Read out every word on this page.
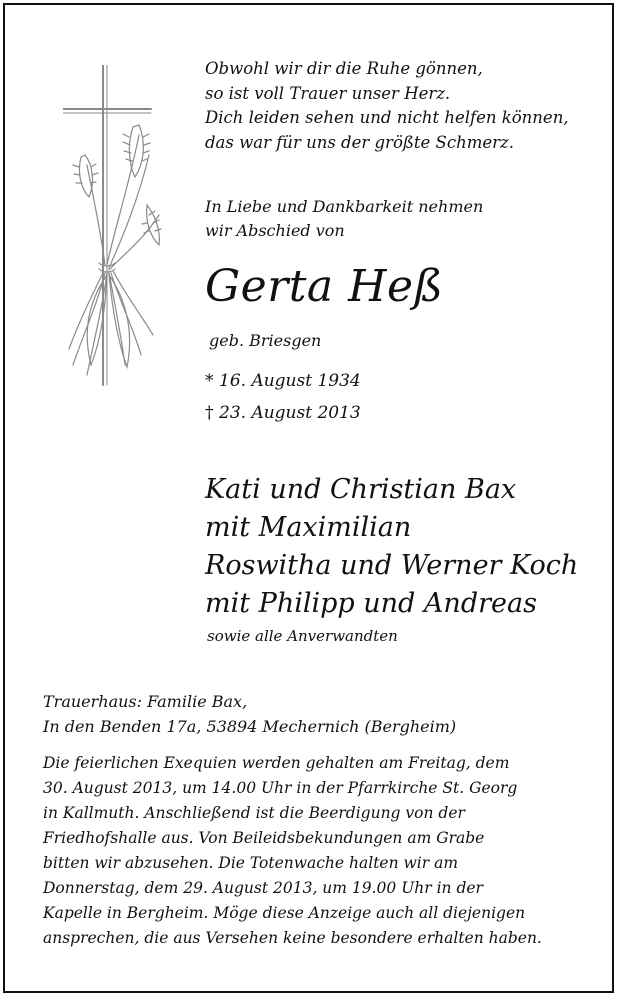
Obwohl wir dir die Ruhe gönnen,
so ist voll Trauer unser Herz.
Dich leiden sehen und nicht helfen können,
das war für uns der größte Schmerz.
In Liebe und Dankbarkeit nehmen
wir Abschied von
Gerta Heß
geb. Briesgen
* 16. August 1934
† 23. August 2013
Kati und Christian Bax
mit Maximilian
Roswitha und Werner Koch
mit Philipp und Andreas
sowie alle Anverwandten
Trauerhaus: Familie Bax,
In den Benden 17a, 53894 Mechernich (Bergheim)
Die feierlichen Exequien werden gehalten am Freitag, dem
30. August 2013, um 14.00 Uhr in der Pfarrkirche St. Georg
in Kallmuth. Anschließend ist die Beerdigung von der
Friedhofshalle aus. Von Beileidsbekundungen am Grabe
bitten wir abzusehen. Die Totenwache halten wir am
Donnerstag, dem 29. August 2013, um 19.00 Uhr in der
Kapelle in Bergheim. Möge diese Anzeige auch all diejenigen
ansprechen, die aus Versehen keine besondere erhalten haben.
